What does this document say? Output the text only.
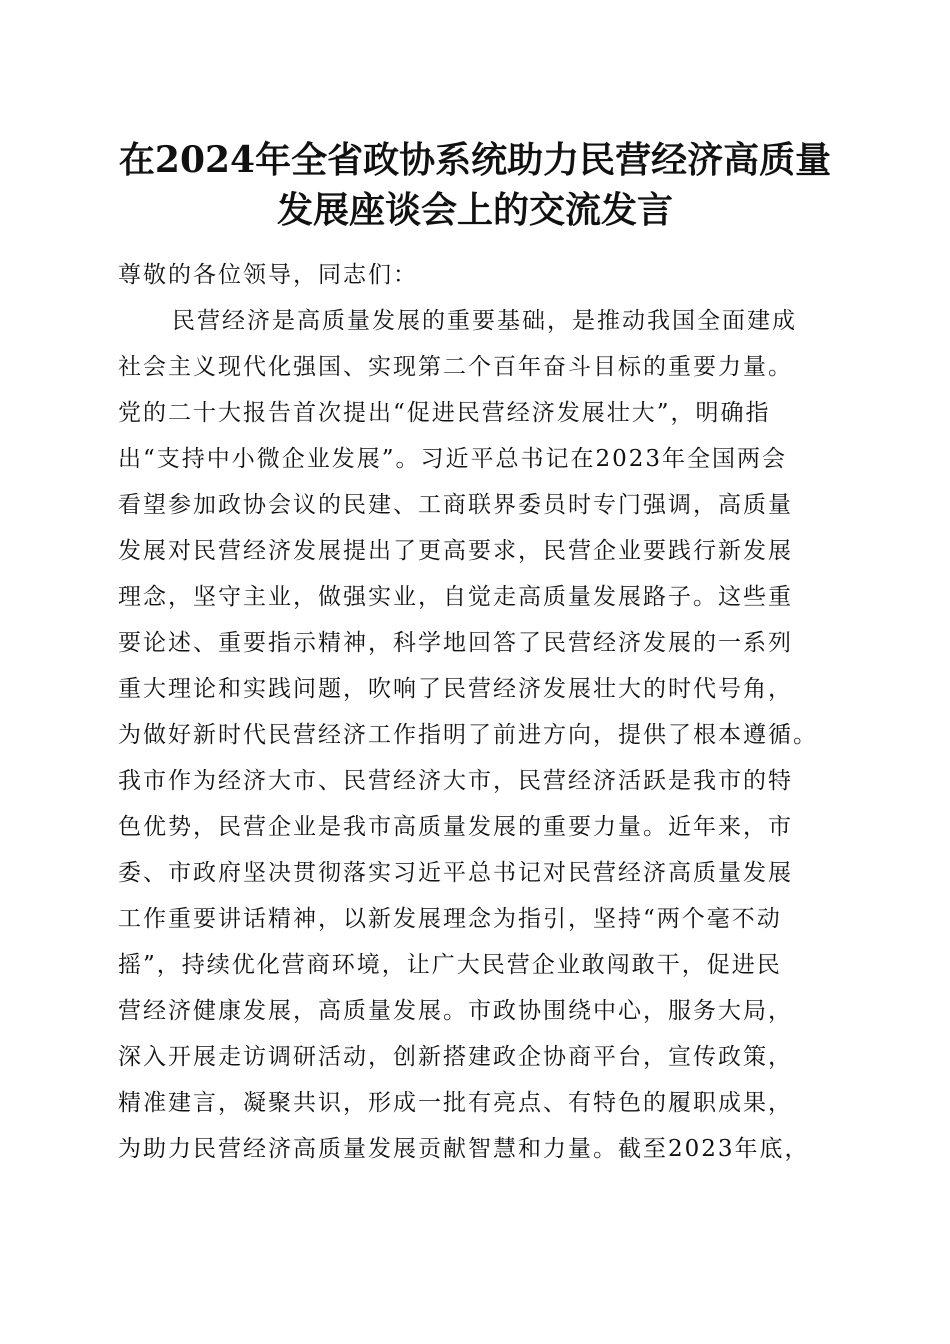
在2024年全省政协系统助力民营经济高质量
发展座谈会上的交流发言
尊敬的各位领导，同志们：
民营经济是高质量发展的重要基础，是推动我国全面建成
社会主义现代化强国、实现第二个百年奋斗目标的重要力量。
党的二十大报告首次提出“促进民营经济发展壮大”，明确指
出“支持中小微企业发展”。习近平总书记在2023年全国两会
看望参加政协会议的民建、工商联界委员时专门强调，高质量
发展对民营经济发展提出了更高要求，民营企业要践行新发展
理念，坚守主业，做强实业，自觉走高质量发展路子。这些重
要论述、重要指示精神，科学地回答了民营经济发展的一系列
重大理论和实践问题，吹响了民营经济发展壮大的时代号角，
为做好新时代民营经济工作指明了前进方向，提供了根本遵循。
我市作为经济大市、民营经济大市，民营经济活跃是我市的特
色优势，民营企业是我市高质量发展的重要力量。近年来，市
委、市政府坚决贯彻落实习近平总书记对民营经济高质量发展
工作重要讲话精神，以新发展理念为指引，坚持“两个毫不动
摇”，持续优化营商环境，让广大民营企业敢闯敢干，促进民
营经济健康发展，高质量发展。市政协围绕中心，服务大局，
深入开展走访调研活动，创新搭建政企协商平台，宣传政策，
精准建言，凝聚共识，形成一批有亮点、有特色的履职成果，
为助力民营经济高质量发展贡献智慧和力量。截至2023年底，
